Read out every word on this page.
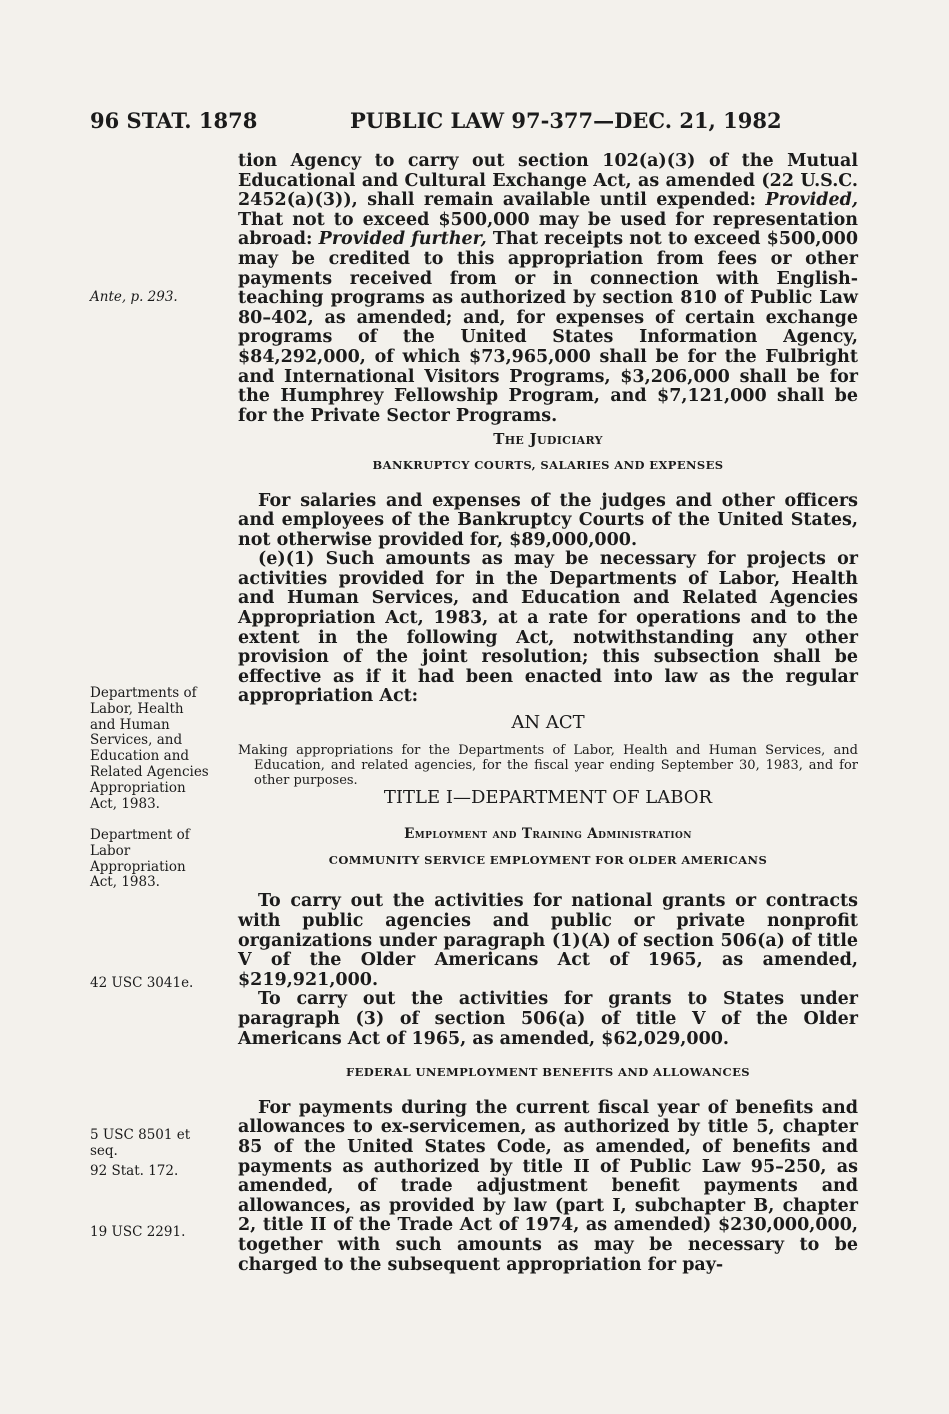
96 STAT. 1878	PUBLIC LAW 97-377—DEC. 21, 1982
Ante, p. 293.
Departments of Labor, Health and Human Services, and Education and Related Agencies Appropriation Act, 1983.
Department of Labor Appropriation Act, 1983.
42 USC 3041e.
5 USC 8501 et seq.
92 Stat. 172.
19 USC 2291.

tion Agency to carry out section 102(a)(3) of the Mutual Educational and Cultural Exchange Act, as amended (22 U.S.C. 2452(a)(3)), shall remain available until expended: Provided, That not to exceed $500,000 may be used for representation abroad: Provided further, That receipts not to exceed $500,000 may be credited to this appropriation from fees or other payments received from or in connection with English-teaching programs as authorized by section 810 of Public Law 80–402, as amended; and, for expenses of certain exchange programs of the United States Information Agency, $84,292,000, of which $73,965,000 shall be for the Fulbright and International Visitors Programs, $3,206,000 shall be for the Humphrey Fellowship Program, and $7,121,000 shall be for the Private Sector Programs.

The Judiciary
BANKRUPTCY COURTS, SALARIES AND EXPENSES

For salaries and expenses of the judges and other officers and employees of the Bankruptcy Courts of the United States, not otherwise provided for, $89,000,000.

(e)(1) Such amounts as may be necessary for projects or activities provided for in the Departments of Labor, Health and Human Services, and Education and Related Agencies Appropriation Act, 1983, at a rate for operations and to the extent in the following Act, notwithstanding any other provision of the joint resolution; this subsection shall be effective as if it had been enacted into law as the regular appropriation Act:

AN ACT

Making appropriations for the Departments of Labor, Health and Human Services, and Education, and related agencies, for the fiscal year ending September 30, 1983, and for other purposes.

TITLE I—DEPARTMENT OF LABOR
Employment and Training Administration
COMMUNITY SERVICE EMPLOYMENT FOR OLDER AMERICANS

To carry out the activities for national grants or contracts with public agencies and public or private nonprofit organizations under paragraph (1)(A) of section 506(a) of title V of the Older Americans Act of 1965, as amended, $219,921,000.

To carry out the activities for grants to States under paragraph (3) of section 506(a) of title V of the Older Americans Act of 1965, as amended, $62,029,000.

FEDERAL UNEMPLOYMENT BENEFITS AND ALLOWANCES

For payments during the current fiscal year of benefits and allowances to ex-servicemen, as authorized by title 5, chapter 85 of the United States Code, as amended, of benefits and payments as authorized by title II of Public Law 95–250, as amended, of trade adjustment benefit payments and allowances, as provided by law (part I, subchapter B, chapter 2, title II of the Trade Act of 1974, as amended) $230,000,000, together with such amounts as may be necessary to be charged to the subsequent appropriation for pay-
